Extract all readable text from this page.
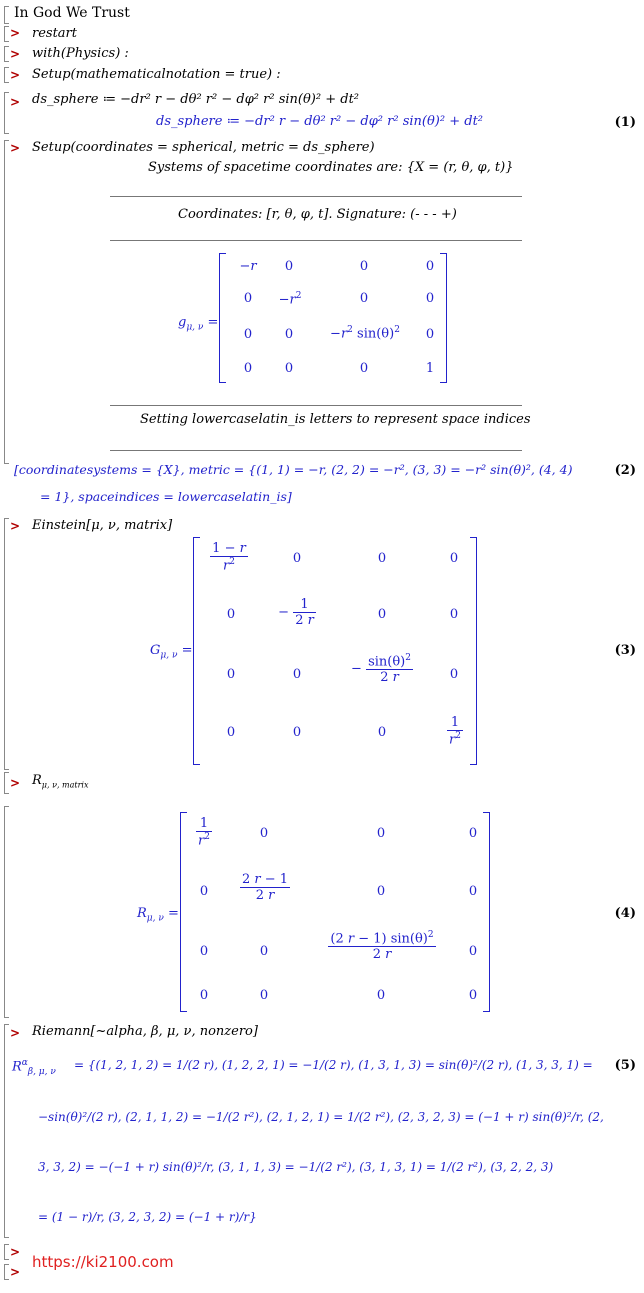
In God We Trust
> restart
> with(Physics) :
> Setup(mathematicalnotation = true) :
> ds_sphere ≔ −dr² r − dθ² r² − dφ² r² sin(θ)² + dt²
ds_sphere ≔ −dr² r − dθ² r² − dφ² r² sin(θ)² + dt²	(1)
> Setup(coordinates = spherical, metric = ds_sphere)
Systems of spacetime coordinates are: {X = (r, θ, φ, t)}
Coordinates: [r, θ, φ, t]. Signature: (- - - +)
$g_{\mu, \nu}$ =
−r	0	0	0
0	$-r^2$	0	0
0	0	$-r^2$ $\sin(\theta)^2$	0
0	0	0	1
Setting lowercaselatin_is letters to represent space indices
[coordinatesystems = {X}, metric = {(1, 1) = −r, (2, 2) = −r², (3, 3) = −r² sin(θ)², (4, 4)
= 1}, spaceindices = lowercaselatin_is]
(2)
> Einstein[μ, ν, matrix]
$G_{\mu, \nu}$ =
$\frac{1 - r}{r^2}$	0	0	0
0	− $\frac{1}{2 r}$	0	0
0	0	− $\frac{\sin(\theta)^2}{2 r}$	0
0	0	0	$\frac{1}{r^2}$
(3)
> $R_{\mu, \nu, matrix}$
$R_{\mu, \nu}$ =
$\frac{1}{r^2}$	0	0	0
0	$\frac{2 r - 1}{2 r}$	0	0
0	0	$\frac{(2 r - 1) \sin(\theta)^2}{2 r}$	0
0	0	0	0
(4)
> Riemann[~alpha, β, μ, ν, nonzero]
$R^\alpha_{\beta, \mu, \nu} = \{(1$, 2, 1, 2) = 1/(2 r), (1, 2, 2, 1) = −1/(2 r), (1, 3, 1, 3) = sin(θ)²/(2 r), (1, 3, 3, 1) = (5)
−sin(θ)²/(2 r), (2, 1, 1, 2) = −1/(2 r²), (2, 1, 2, 1) = 1/(2 r²), (2, 3, 2, 3) = (−1 + r) sin(θ)²/r, (2,
3, 3, 2) = −(−1 + r) sin(θ)²/r, (3, 1, 1, 3) = −1/(2 r²), (3, 1, 3, 1) = 1/(2 r²), (3, 2, 2, 3)
= (1 − r)/r, (3, 2, 3, 2) = (−1 + r)/r}
>
>
https://ki2100.com
